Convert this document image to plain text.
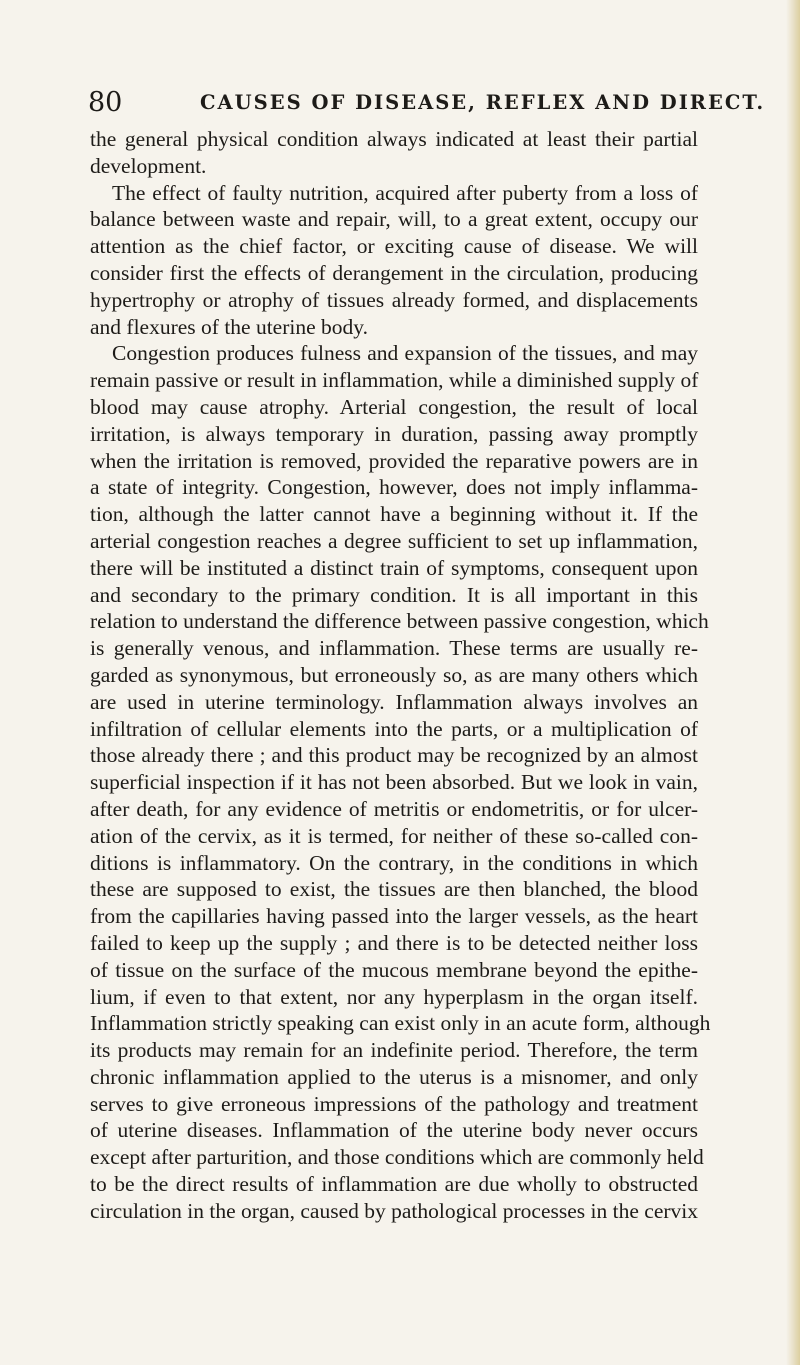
80	CAUSES OF DISEASE, REFLEX AND DIRECT.
the general physical condition always indicated at least their partial
development.
The effect of faulty nutrition, acquired after puberty from a loss of
balance between waste and repair, will, to a great extent, occupy our
attention as the chief factor, or exciting cause of disease. We will
consider first the effects of derangement in the circulation, producing
hypertrophy or atrophy of tissues already formed, and displacements
and flexures of the uterine body.
Congestion produces fulness and expansion of the tissues, and may
remain passive or result in inflammation, while a diminished supply of
blood may cause atrophy. Arterial congestion, the result of local
irritation, is always temporary in duration, passing away promptly
when the irritation is removed, provided the reparative powers are in
a state of integrity. Congestion, however, does not imply inflamma-
tion, although the latter cannot have a beginning without it. If the
arterial congestion reaches a degree sufficient to set up inflammation,
there will be instituted a distinct train of symptoms, consequent upon
and secondary to the primary condition. It is all important in this
relation to understand the difference between passive congestion, which
is generally venous, and inflammation. These terms are usually re-
garded as synonymous, but erroneously so, as are many others which
are used in uterine terminology. Inflammation always involves an
infiltration of cellular elements into the parts, or a multiplication of
those already there ; and this product may be recognized by an almost
superficial inspection if it has not been absorbed. But we look in vain,
after death, for any evidence of metritis or endometritis, or for ulcer-
ation of the cervix, as it is termed, for neither of these so-called con-
ditions is inflammatory. On the contrary, in the conditions in which
these are supposed to exist, the tissues are then blanched, the blood
from the capillaries having passed into the larger vessels, as the heart
failed to keep up the supply ; and there is to be detected neither loss
of tissue on the surface of the mucous membrane beyond the epithe-
lium, if even to that extent, nor any hyperplasm in the organ itself.
Inflammation strictly speaking can exist only in an acute form, although
its products may remain for an indefinite period. Therefore, the term
chronic inflammation applied to the uterus is a misnomer, and only
serves to give erroneous impressions of the pathology and treatment
of uterine diseases. Inflammation of the uterine body never occurs
except after parturition, and those conditions which are commonly held
to be the direct results of inflammation are due wholly to obstructed
circulation in the organ, caused by pathological processes in the cervix
